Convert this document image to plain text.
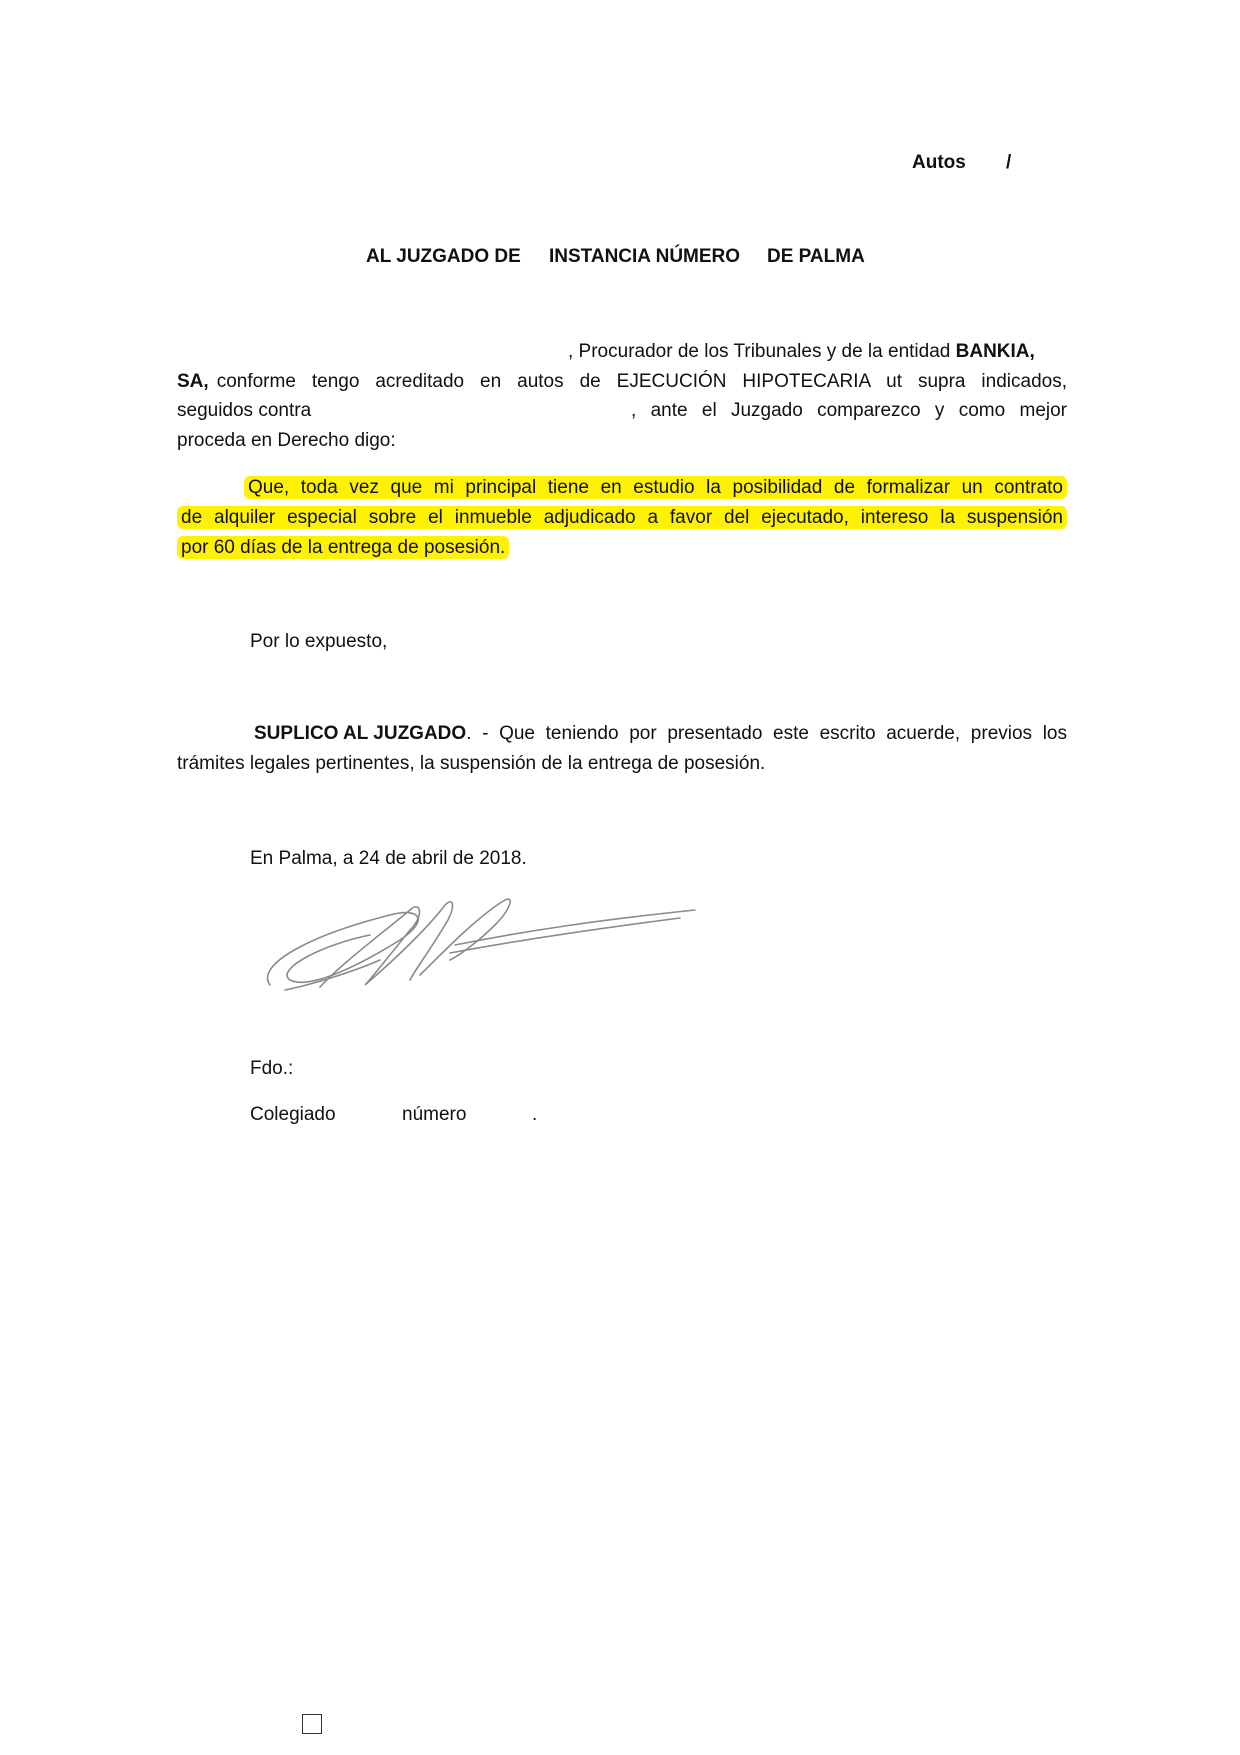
Autos /
AL JUZGADO DE INSTANCIA NÚMERO DE PALMA
, Procurador de los Tribunales y de la entidad BANKIA,
SA, conforme tengo acreditado en autos de EJECUCIÓN HIPOTECARIA ut supra indicados,
seguidos contra	, ante el Juzgado comparezco y como mejor
proceda en Derecho digo:
Que, toda vez que mi principal tiene en estudio la posibilidad de formalizar un contrato
de alquiler especial sobre el inmueble adjudicado a favor del ejecutado, intereso la suspensión
por 60 días de la entrega de posesión.
Por lo expuesto,
SUPLICO AL JUZGADO . - Que teniendo por presentado este escrito acuerde, previos los
trámites legales pertinentes, la suspensión de la entrega de posesión.
En Palma, a 24 de abril de 2018.
Fdo.:
Colegiado	número	.
